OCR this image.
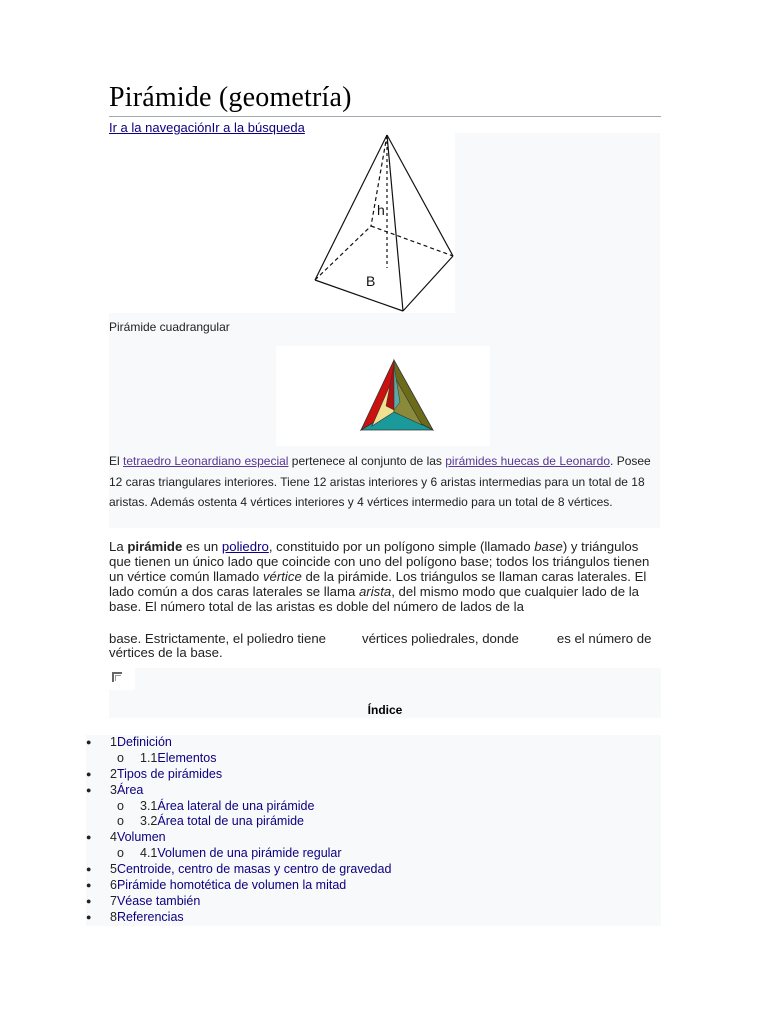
Pirámide (geometría)
Ir a la navegaciónIr a la búsqueda
h
B
Pirámide cuadrangular
El tetraedro Leonardiano especial pertenece al conjunto de las pirámides huecas de Leonardo. Posee 12 caras triangulares interiores. Tiene 12 aristas interiores y 6 aristas intermedias para un total de 18 aristas. Además ostenta 4 vértices interiores y 4 vértices intermedio para un total de 8 vértices.

La pirámide es un poliedro, constituido por un polígono simple (llamado base) y triángulos que tienen un único lado que coincide con uno del polígono base; todos los triángulos tienen un vértice común llamado vértice de la pirámide. Los triángulos se llaman caras laterales. El lado común a dos caras laterales se llama arista, del mismo modo que cualquier lado de la base. El número total de las aristas es doble del número de lados de la

base. Estrictamente, el poliedro tiene	vértices poliedrales, donde	es el número de vértices de la base.

Índice
● 1Definición
o 1.1Elementos
● 2Tipos de pirámides
● 3Área
o 3.1Área lateral de una pirámide
o 3.2Área total de una pirámide
● 4Volumen
o 4.1Volumen de una pirámide regular
● 5Centroide, centro de masas y centro de gravedad
● 6Pirámide homotética de volumen la mitad
● 7Véase también
● 8Referencias
